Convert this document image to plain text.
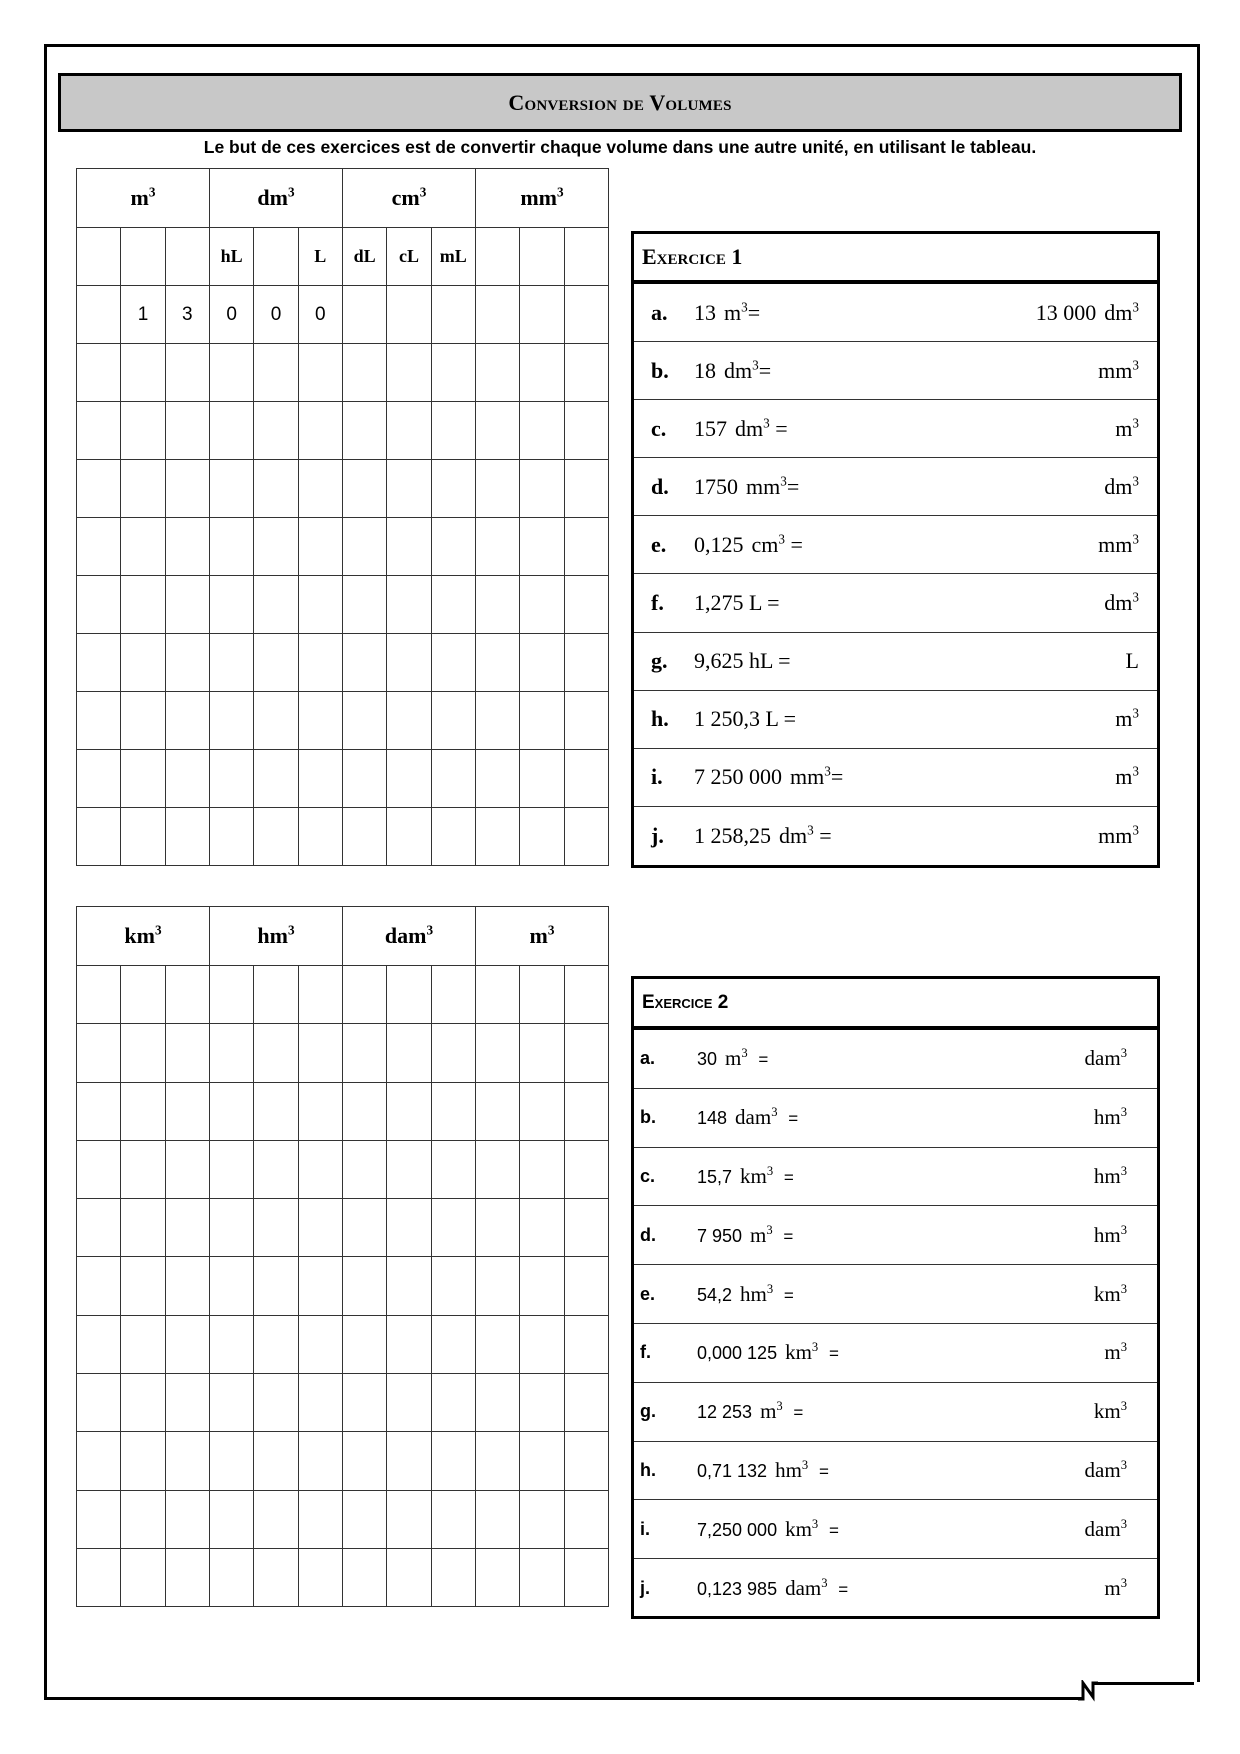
Conversion de Volumes
Le but de ces exercices est de convertir chaque volume dans une autre unité, en utilisant le tableau.
$m^3$			$dm^3$			$cm^3$			$mm^3$
			hL		L	dL	cL	mL			
	1	3	0	0	0						

$km^3$			$hm^3$			dam$^3$			$m^3$

Exercice 1
a. 13 $m^3=$	13 000 $dm^3$
b. 18 $dm^3=$	$mm^3$
c. 157 $dm^3$ =	$m^3$
d. 1750 $mm^3=$	$dm^3$
e. 0,125 $cm^3$ =	$mm^3$
f. 1,275 L =	$dm^3$
g. 9,625 hL =	L
h. 1 250,3 L =	$m^3$
i. 7 250 000 $mm^3=$	$m^3$
j. 1 258,25 $dm^3$ =	$mm^3$
Exercice 2
a. 30 $m^3$ =	dam$^3$
b. 148 dam$^3$ =	$hm^3$
c. 15,7 $km^3$ =	$hm^3$
d. 7 950 $m^3$ =	$hm^3$
e. 54,2 $hm^3$ =	$km^3$
f.	0,000 125 $km^3$ =	$m^3$
g. 12 253 $m^3$ =	$km^3$
h. 0,71 132 $hm^3$ =	dam$^3$
i.	7,250 000 $km^3$ =	dam$^3$
j.	0,123 985 dam$^3$ =	$m^3$
